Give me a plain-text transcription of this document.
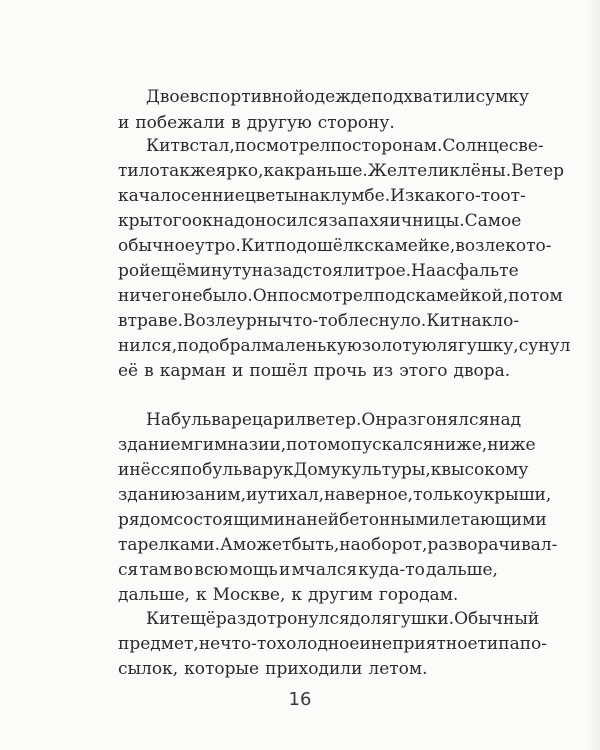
Двое в спортивной одежде подхватили сумку
и побежали в другую сторону.
Кит встал, посмотрел по сторонам. Солнце све-
тило так же ярко, как раньше. Желтели клёны. Ветер
качал осенние цветы на клумбе. Из какого-то от-
крытого окна доносился запах яичницы. Самое
обычное утро. Кит подошёл к скамейке, возле кото-
рой ещё минуту назад стояли трое. На асфальте
ничего не было. Он посмотрел под скамейкой, потом
в траве. Возле урны что-то блеснуло. Кит накло-
нился, подобрал маленькую золотую лягушку, сунул
её в карман и пошёл прочь из этого двора.
На бульваре царил ветер. Он разгонялся над
зданием гимназии, потом опускался ниже, ниже
и нёсся по бульвару к Дому культуры, к высокому
зданию за ним, и утихал, наверное, только у крыши,
рядом со стоящими на ней бетонными летающими
тарелками. А может быть, наоборот, разворачивал-
ся там во всю мощь и мчался куда-то дальше,
дальше, к Москве, к другим городам.
Кит ещё раз дотронулся до лягушки. Обычный
предмет, не что-то холодное и неприятное типа по-
сылок, которые приходили летом.
16
